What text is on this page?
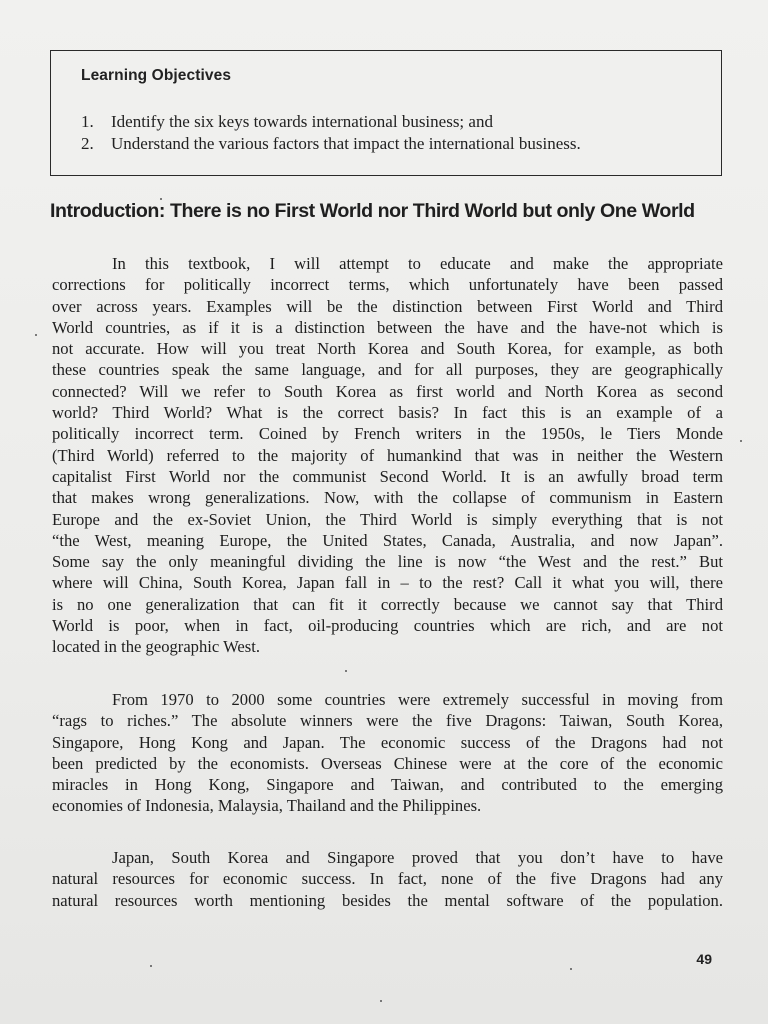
Learning Objectives
1.	Identify the six keys towards international business; and
2.	Understand the various factors that impact the international business.
Introduction: There is no First World nor Third World but only One World
In this textbook, I will attempt to educate and make the appropriate
corrections for politically incorrect terms, which unfortunately have been passed
over across years. Examples will be the distinction between First World and Third
World countries, as if it is a distinction between the have and the have-not which is
not accurate. How will you treat North Korea and South Korea, for example, as both
these countries speak the same language, and for all purposes, they are geographically
connected? Will we refer to South Korea as first world and North Korea as second
world? Third World? What is the correct basis? In fact this is an example of a
politically incorrect term. Coined by French writers in the 1950s, le Tiers Monde
(Third World) referred to the majority of humankind that was in neither the Western
capitalist First World nor the communist Second World. It is an awfully broad term
that makes wrong generalizations. Now, with the collapse of communism in Eastern
Europe and the ex-Soviet Union, the Third World is simply everything that is not
“the West, meaning Europe, the United States, Canada, Australia, and now Japan”.
Some say the only meaningful dividing the line is now “the West and the rest.” But
where will China, South Korea, Japan fall in – to the rest? Call it what you will, there
is no one generalization that can fit it correctly because we cannot say that Third
World is poor, when in fact, oil-producing countries which are rich, and are not
located in the geographic West.
From 1970 to 2000 some countries were extremely successful in moving from
“rags to riches.” The absolute winners were the five Dragons: Taiwan, South Korea,
Singapore, Hong Kong and Japan. The economic success of the Dragons had not
been predicted by the economists. Overseas Chinese were at the core of the economic
miracles in Hong Kong, Singapore and Taiwan, and contributed to the emerging
economies of Indonesia, Malaysia, Thailand and the Philippines.
Japan, South Korea and Singapore proved that you don’t have to have
natural resources for economic success. In fact, none of the five Dragons had any
natural resources worth mentioning besides the mental software of the population.
49
